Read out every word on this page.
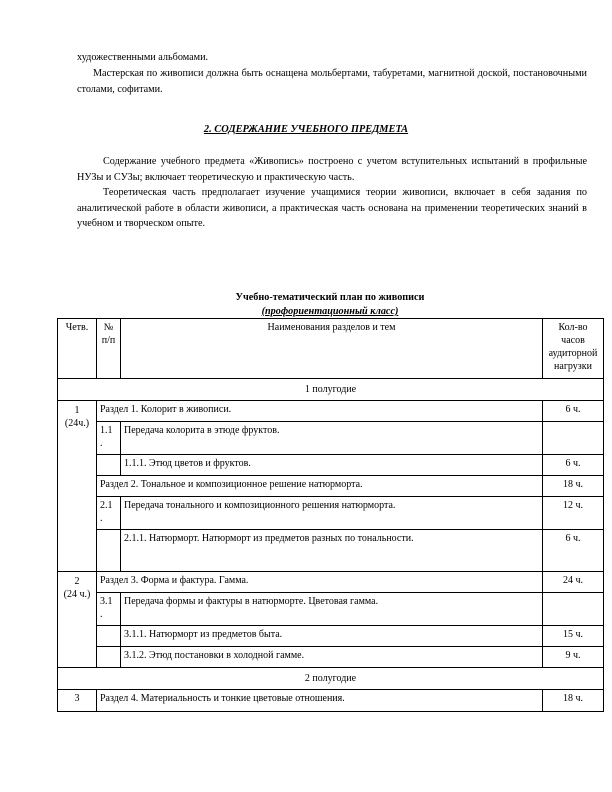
художественными альбомами.

Мастерская по живописи должна быть оснащена мольбертами, табуретами, магнитной доской, постановочными столами, софитами.

2. СОДЕРЖАНИЕ УЧЕБНОГО ПРЕДМЕТА

Содержание учебного предмета «Живопись» построено с учетом вступительных испытаний в профильные НУЗы и СУЗы; включает теоретическую и практическую часть.

Теоретическая часть предполагает изучение учащимися теории живописи, включает в себя задания по аналитической работе в области живописи, а практическая часть основана на применении теоретических знаний в учебном и творческом опыте.

Учебно-тематический план по живописи
(профориентационный класс)
Четв.	№ п/п	Наименования разделов и тем	Кол-во часов аудиторной нагрузки
1 полугодие			

1
(24ч.)	Раздел 1. Колорит в живописи.		6 ч.
	1.1 .	Передача колорита в этюде фруктов.	
		1.1.1. Этюд цветов и фруктов.	6 ч.
	Раздел 2. Тональное и композиционное решение натюрморта.		18 ч.
	2.1 .	Передача тонального и композиционного решения натюрморта.	12 ч.
		2.1.1. Натюрморт. Натюрморт из предметов разных по тональности.	6 ч.

2
(24 ч.)	Раздел 3. Форма и фактура. Гамма.		24 ч.
	3.1 .	Передача формы и фактуры в натюрморте. Цветовая гамма.	
		3.1.1. Натюрморт из предметов быта.	15 ч.
		3.1.2. Этюд постановки в холодной гамме.	9 ч.
2 полугодие			

3	Раздел 4. Материальность и тонкие цветовые отношения.		18 ч.
